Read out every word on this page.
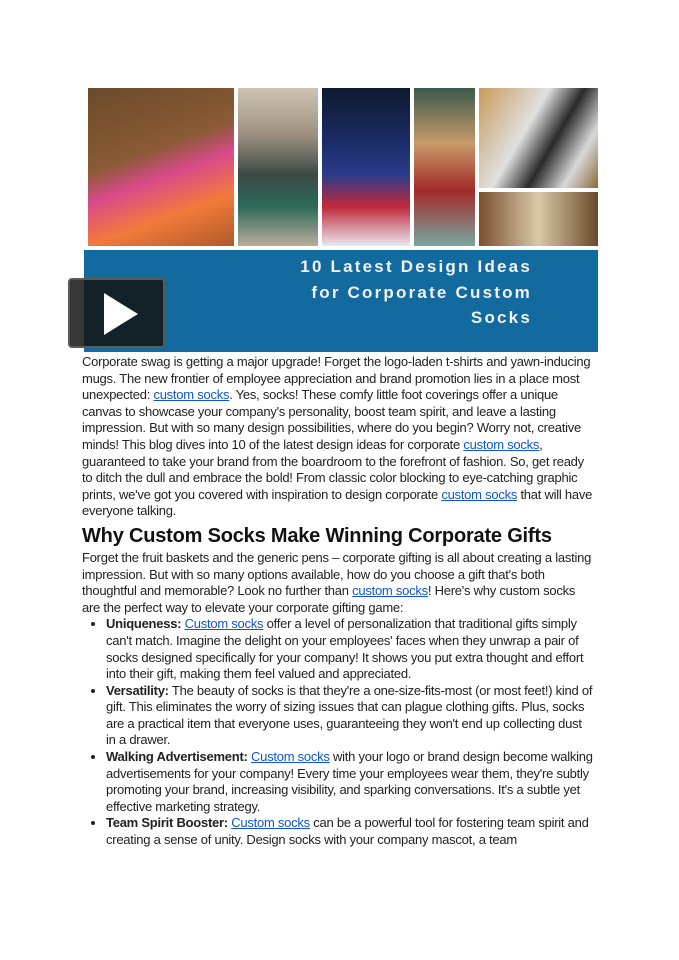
10 Latest Design Ideas
for Corporate Custom
Socks

Corporate swag is getting a major upgrade! Forget the logo-laden t-shirts and yawn-inducing mugs. The new frontier of employee appreciation and brand promotion lies in a place most unexpected: custom socks. Yes, socks! These comfy little foot coverings offer a unique canvas to showcase your company's personality, boost team spirit, and leave a lasting impression. But with so many design possibilities, where do you begin? Worry not, creative minds! This blog dives into 10 of the latest design ideas for corporate custom socks, guaranteed to take your brand from the boardroom to the forefront of fashion. So, get ready to ditch the dull and embrace the bold! From classic color blocking to eye-catching graphic prints, we've got you covered with inspiration to design corporate custom socks that will have everyone talking.

Why Custom Socks Make Winning Corporate Gifts

Forget the fruit baskets and the generic pens – corporate gifting is all about creating a lasting impression. But with so many options available, how do you choose a gift that's both thoughtful and memorable? Look no further than custom socks! Here's why custom socks are the perfect way to elevate your corporate gifting game:

• Uniqueness: Custom socks offer a level of personalization that traditional gifts simply can't match. Imagine the delight on your employees' faces when they unwrap a pair of socks designed specifically for your company! It shows you put extra thought and effort into their gift, making them feel valued and appreciated.
• Versatility: The beauty of socks is that they're a one-size-fits-most (or most feet!) kind of gift. This eliminates the worry of sizing issues that can plague clothing gifts. Plus, socks are a practical item that everyone uses, guaranteeing they won't end up collecting dust in a drawer.
• Walking Advertisement: Custom socks with your logo or brand design become walking advertisements for your company! Every time your employees wear them, they're subtly promoting your brand, increasing visibility, and sparking conversations. It's a subtle yet effective marketing strategy.
• Team Spirit Booster: Custom socks can be a powerful tool for fostering team spirit and creating a sense of unity. Design socks with your company mascot, a team
